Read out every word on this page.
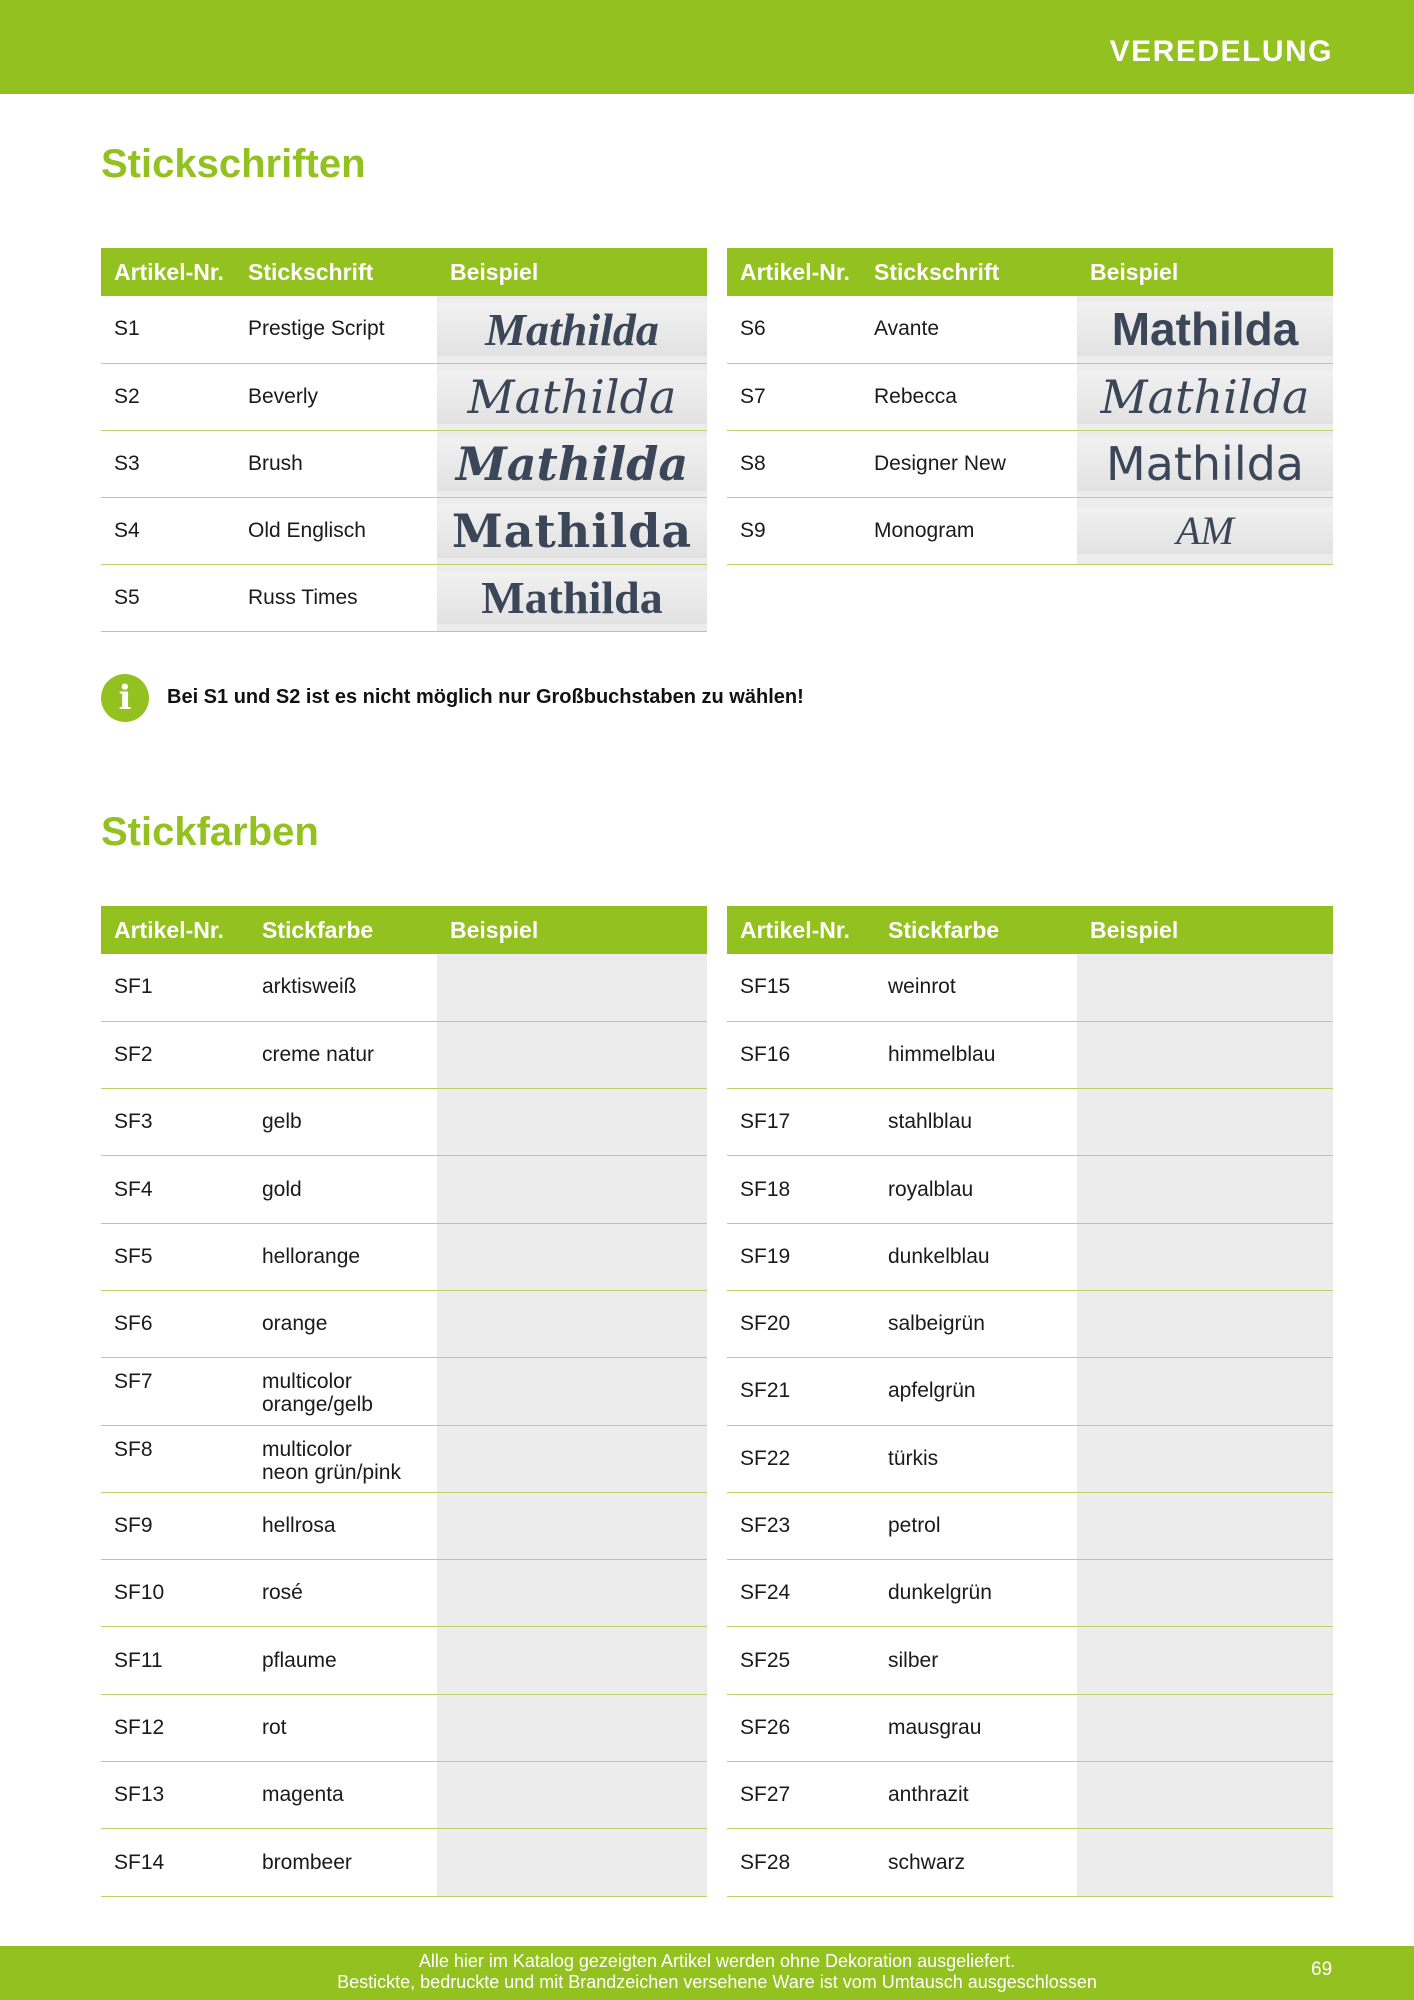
VEREDELUNG
Stickschriften
Artikel-Nr.	Stickschrift	Beispiel
S1	Prestige Script	Mathilda

S2	Beverly	Mathilda

S3	Brush	Mathilda

S4	Old Englisch	Mathilda

S5	Russ Times	Mathilda
Artikel-Nr.	Stickschrift	Beispiel
S6	Avante	Mathilda

S7	Rebecca	Mathilda

S8	Designer New	Mathilda

S9	Monogram	AM
i	Bei S1 und S2 ist es nicht möglich nur Großbuchstaben zu wählen!
Stickfarben
Artikel-Nr.	Stickfarbe	Beispiel
SF1	arktisweiß	

SF2	creme natur	

SF3	gelb	

SF4	gold	

SF5	hellorange	

SF6	orange	

SF7	multicolor
orange/gelb	

SF8	multicolor
neon grün/pink	

SF9	hellrosa	

SF10	rosé	

SF11	pflaume	

SF12	rot	

SF13	magenta	

SF14	brombeer	

Artikel-Nr.	Stickfarbe	Beispiel
SF15	weinrot	

SF16	himmelblau	

SF17	stahlblau	

SF18	royalblau	

SF19	dunkelblau	

SF20	salbeigrün	

SF21	apfelgrün	

SF22	türkis	

SF23	petrol	

SF24	dunkelgrün	

SF25	silber	

SF26	mausgrau	

SF27	anthrazit	

SF28	schwarz	

Alle hier im Katalog gezeigten Artikel werden ohne Dekoration ausgeliefert.
Bestickte, bedruckte und mit Brandzeichen versehene Ware ist vom Umtausch ausgeschlossen
69
